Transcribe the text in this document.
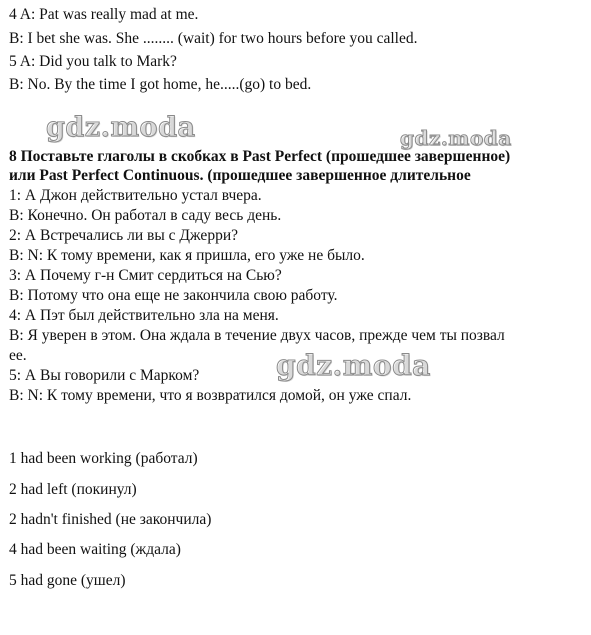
4 A: Pat was really mad at me.
B: I bet she was. She ........ (wait) for two hours before you called.
5 A: Did you talk to Mark?
B: No. By the time I got home, he.....(go) to bed.
gdz.moda	gdz.moda
8 Поставьте глаголы в скобках в Past Perfect (прошедшее завершенное)
или Past Perfect Continuous. (прошедшее завершенное длительное
1: А Джон действительно устал вчера.
B: Конечно. Он работал в саду весь день.
2: А Встречались ли вы с Джерри?
B: N: К тому времени, как я пришла, его уже не было.
3: А Почему г-н Смит сердиться на Сью?
B: Потому что она еще не закончила свою работу.
4: А Пэт был действительно зла на меня.
B: Я уверен в этом. Она ждала в течение двух часов, прежде чем ты позвал
ее.
5: А Вы говорили с Марком?
B: N: К тому времени, что я возвратился домой, он уже спал.
gdz.moda
1 had been working (работал)
2 had left (покинул)
2 hadn't finished (не закончила)
4 had been waiting (ждала)
5 had gone (ушел)
